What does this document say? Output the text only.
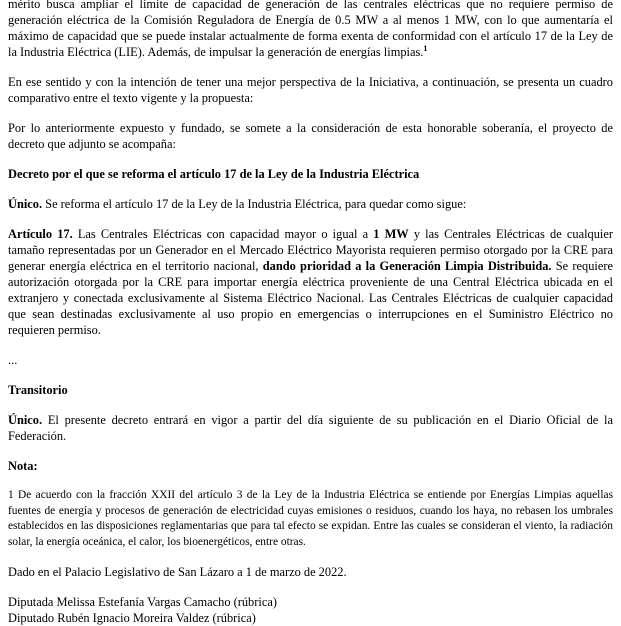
mérito busca ampliar el límite de capacidad de generación de las centrales eléctricas que no requiere permiso de generación eléctrica de la Comisión Reguladora de Energía de 0.5 MW a al menos 1 MW, con lo que aumentaría el máximo de capacidad que se puede instalar actualmente de forma exenta de conformidad con el artículo 17 de la Ley de la Industria Eléctrica (LIE). Además, de impulsar la generación de energías limpias.$^1$

En ese sentido y con la intención de tener una mejor perspectiva de la Iniciativa, a continuación, se presenta un cuadro comparativo entre el texto vigente y la propuesta:

Por lo anteriormente expuesto y fundado, se somete a la consideración de esta honorable soberanía, el proyecto de decreto que adjunto se acompaña:

Decreto por el que se reforma el artículo 17 de la Ley de la Industria Eléctrica

Único. Se reforma el artículo 17 de la Ley de la Industria Eléctrica, para quedar como sigue:

Artículo 17. Las Centrales Eléctricas con capacidad mayor o igual a 1 MW y las Centrales Eléctricas de cualquier tamaño representadas por un Generador en el Mercado Eléctrico Mayorista requieren permiso otorgado por la CRE para generar energía eléctrica en el territorio nacional, dando prioridad a la Generación Limpia Distribuida. Se requiere autorización otorgada por la CRE para importar energía eléctrica proveniente de una Central Eléctrica ubicada en el extranjero y conectada exclusivamente al Sistema Eléctrico Nacional. Las Centrales Eléctricas de cualquier capacidad que sean destinadas exclusivamente al uso propio en emergencias o interrupciones en el Suministro Eléctrico no requieren permiso.

...

Transitorio

Único. El presente decreto entrará en vigor a partir del día siguiente de su publicación en el Diario Oficial de la Federación.

Nota:

1 De acuerdo con la fracción XXII del artículo 3 de la Ley de la Industria Eléctrica se entiende por Energías Limpias aquellas fuentes de energía y procesos de generación de electricidad cuyas emisiones o residuos, cuando los haya, no rebasen los umbrales establecidos en las disposiciones reglamentarias que para tal efecto se expidan. Entre las cuales se consideran el viento, la radiación solar, la energía oceánica, el calor, los bioenergéticos, entre otras.

Dado en el Palacio Legislativo de San Lázaro a 1 de marzo de 2022.

Diputada Melissa Estefanía Vargas Camacho (rúbrica)

Diputado Rubén Ignacio Moreira Valdez (rúbrica)
